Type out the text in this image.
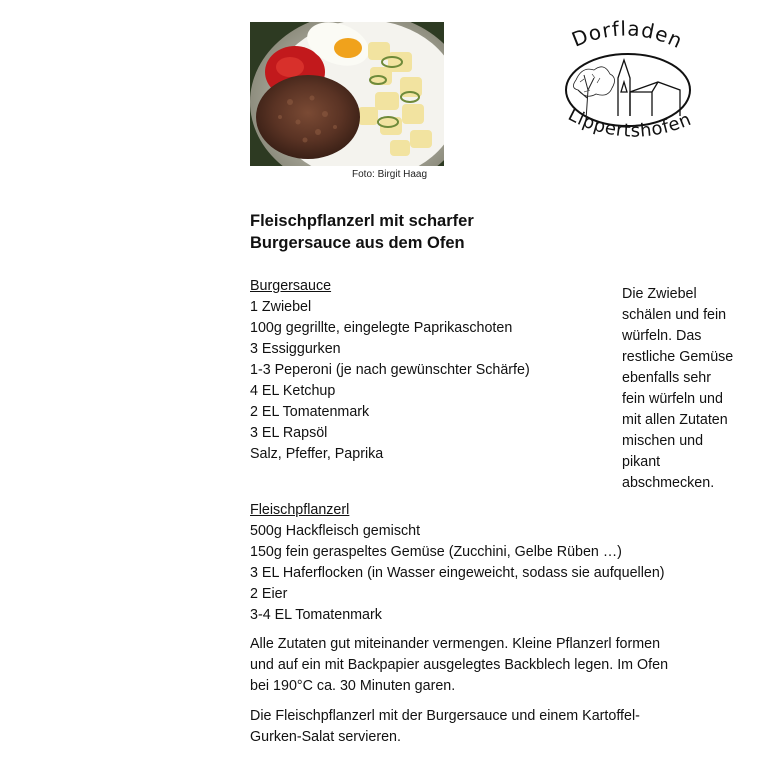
Foto: Birgit Haag
Dorfladen
Lippertshofen
Fleischpflanzerl mit scharfer
Burgersauce aus dem Ofen
Burgersauce
1 Zwiebel
100g gegrillte, eingelegte Paprikaschoten
3 Essiggurken
1-3 Peperoni (je nach gewünschter Schärfe)
4 EL Ketchup
2 EL Tomatenmark
3 EL Rapsöl
Salz, Pfeffer, Paprika
Die Zwiebel
schälen und fein
würfeln. Das
restliche Gemüse
ebenfalls sehr
fein würfeln und
mit allen Zutaten
mischen und
pikant
abschmecken.
Fleischpflanzerl
500g Hackfleisch gemischt
150g fein geraspeltes Gemüse (Zucchini, Gelbe Rüben …)
3 EL Haferflocken (in Wasser eingeweicht, sodass sie aufquellen)
2 Eier
3-4 EL Tomatenmark
Alle Zutaten gut miteinander vermengen. Kleine Pflanzerl formen
und auf ein mit Backpapier ausgelegtes Backblech legen. Im Ofen
bei 190°C ca. 30 Minuten garen.
Die Fleischpflanzerl mit der Burgersauce und einem Kartoffel-
Gurken-Salat servieren.
